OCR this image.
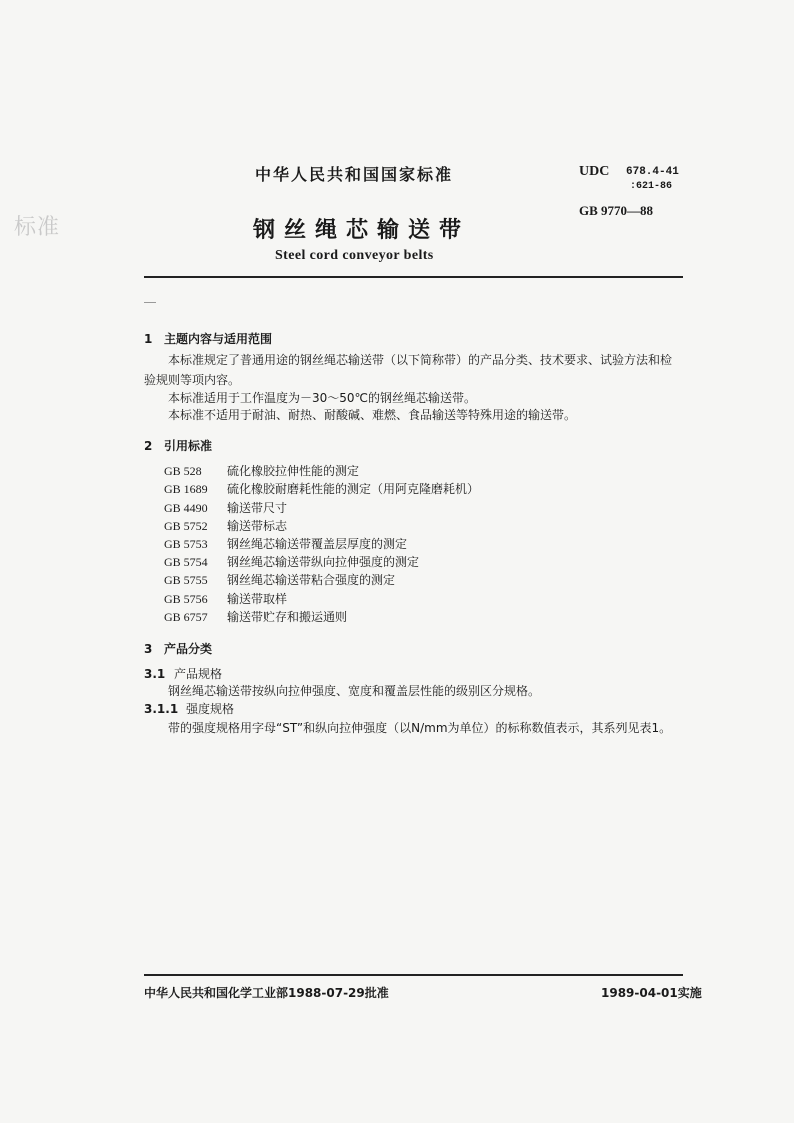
标准
中华人民共和国国家标准	UDC 678.4-41
:621-86
GB 9770—88
钢丝绳芯输送带
Steel cord conveyor belts
1 主题内容与适用范围
本标准规定了普通用途的钢丝绳芯输送带（以下简称带）的产品分类、技术要求、试验方法和检验规则等项内容。
本标准适用于工作温度为－30～50℃的钢丝绳芯输送带。
本标准不适用于耐油、耐热、耐酸碱、难燃、食品输送等特殊用途的输送带。
2 引用标准
GB 528 硫化橡胶拉伸性能的测定
GB 1689 硫化橡胶耐磨耗性能的测定（用阿克隆磨耗机）
GB 4490 输送带尺寸
GB 5752 输送带标志
GB 5753 钢丝绳芯输送带覆盖层厚度的测定
GB 5754 钢丝绳芯输送带纵向拉伸强度的测定
GB 5755 钢丝绳芯输送带粘合强度的测定
GB 5756 输送带取样
GB 6757 输送带贮存和搬运通则
3 产品分类
3.1 产品规格
钢丝绳芯输送带按纵向拉伸强度、宽度和覆盖层性能的级别区分规格。
3.1.1 强度规格
带的强度规格用字母“ST”和纵向拉伸强度（以N/mm为单位）的标称数值表示，其系列见表1。
中华人民共和国化学工业部1988-07-29批准	1989-04-01实施
